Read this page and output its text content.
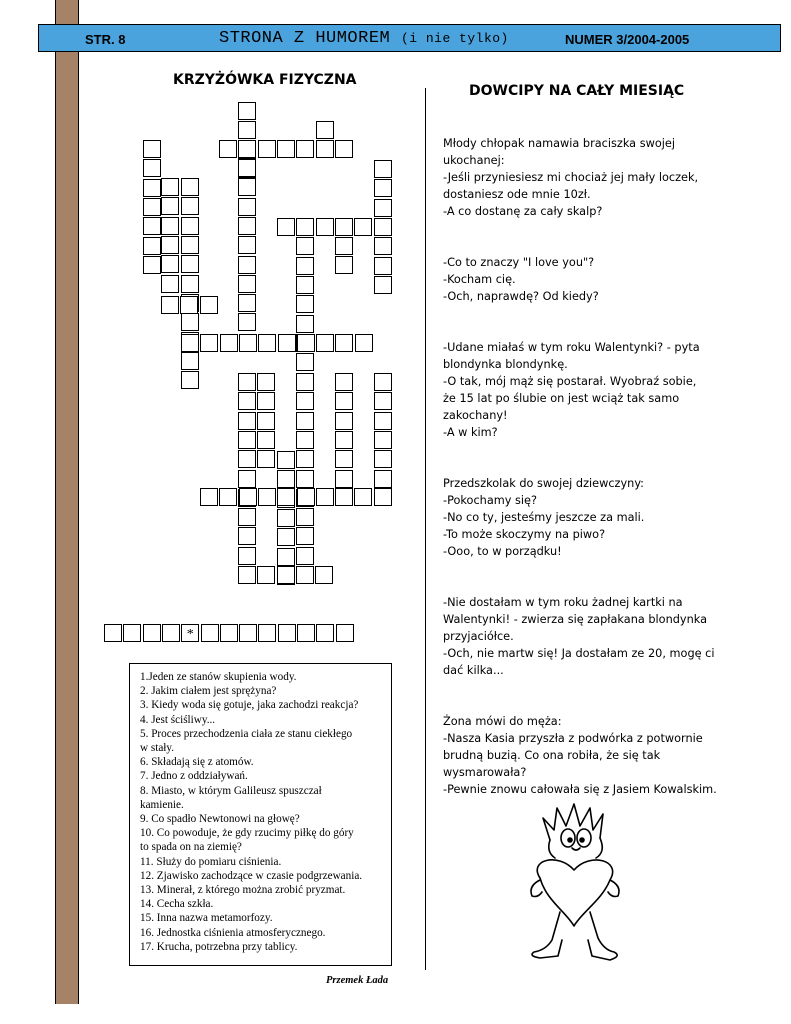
STR. 8	STRONA Z HUMOREM (i nie tylko)	NUMER 3/2004-2005
KRZYŻÓWKA FIZYCZNA
DOWCIPY NA CAŁY MIESIĄC
*
1.Jeden ze stanów skupienia wody.
2. Jakim ciałem jest sprężyna?
3. Kiedy woda się gotuje, jaka zachodzi reakcja?
4. Jest ściśliwy...
5. Proces przechodzenia ciała ze stanu ciekłego
w stały.
6. Składają się z atomów.
7. Jedno z oddziaływań.
8. Miasto, w którym Galileusz spuszczał
kamienie.
9. Co spadło Newtonowi na głowę?
10. Co powoduje, że gdy rzucimy piłkę do góry
to spada on na ziemię?
11. Służy do pomiaru ciśnienia.
12. Zjawisko zachodzące w czasie podgrzewania.
13. Minerał, z którego można zrobić pryzmat.
14. Cecha szkła.
15. Inna nazwa metamorfozy.
16. Jednostka ciśnienia atmosferycznego.
17. Krucha, potrzebna przy tablicy.
Przemek Łada
Młody chłopak namawia braciszka swojej
ukochanej:
-Jeśli przyniesiesz mi chociaż jej mały loczek,
dostaniesz ode mnie 10zł.
-A co dostanę za cały skalp?
-Co to znaczy "I love you"?
-Kocham cię.
-Och, naprawdę? Od kiedy?
-Udane miałaś w tym roku Walentynki? - pyta
blondynka blondynkę.
-O tak, mój mąż się postarał. Wyobraź sobie,
że 15 lat po ślubie on jest wciąż tak samo
zakochany!
-A w kim?
Przedszkolak do swojej dziewczyny:
-Pokochamy się?
-No co ty, jesteśmy jeszcze za mali.
-To może skoczymy na piwo?
-Ooo, to w porządku!
-Nie dostałam w tym roku żadnej kartki na
Walentynki! - zwierza się zapłakana blondynka
przyjaciółce.
-Och, nie martw się! Ja dostałam ze 20, mogę ci
dać kilka...
Żona mówi do męża:
-Nasza Kasia przyszła z podwórka z potwornie
brudną buzią. Co ona robiła, że się tak
wysmarowała?
-Pewnie znowu całowała się z Jasiem Kowalskim.
